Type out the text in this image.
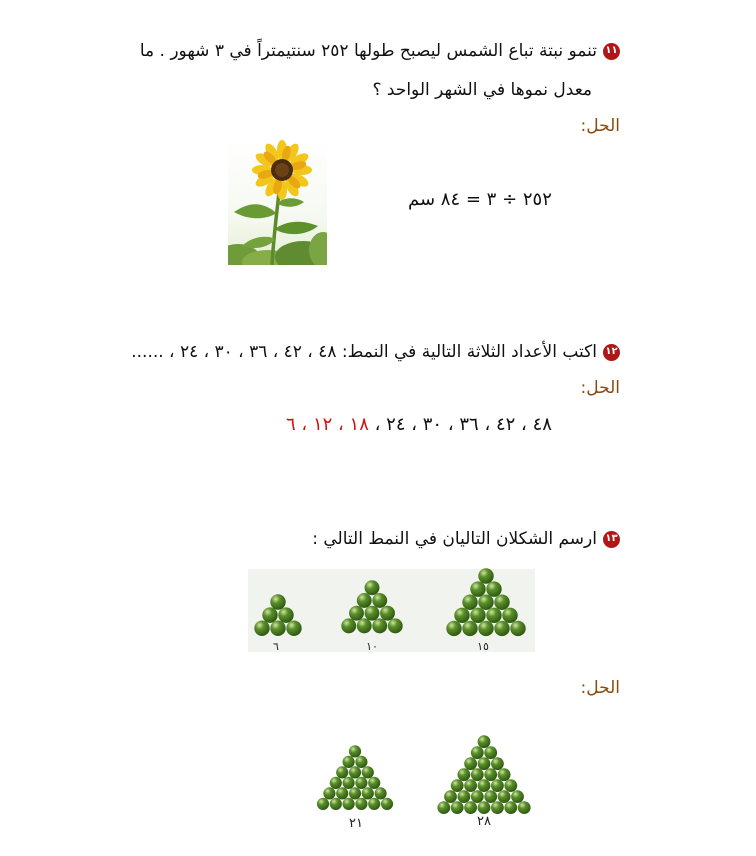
١١
تنمو نبتة تباع الشمس ليصبح طولها ٢٥٢ سنتيمتراً في ٣ شهور . ما
معدل نموها في الشهر الواحد ؟
الحل:
٢٥٢ ÷ ٣ = ٨٤ سم
١٢
اكتب الأعداد الثلاثة التالية في النمط: ٤٨ ، ٤٢ ، ٣٦ ، ٣٠ ، ٢٤ ، ......
الحل:
٤٨ ، ٤٢ ، ٣٦ ، ٣٠ ، ٢٤ ، ١٨ ، ١٢ ، ٦
١٣
ارسم الشكلان التاليان في النمط التالي :
٦	١٠	١٥
الحل:
٢١	٢٨
